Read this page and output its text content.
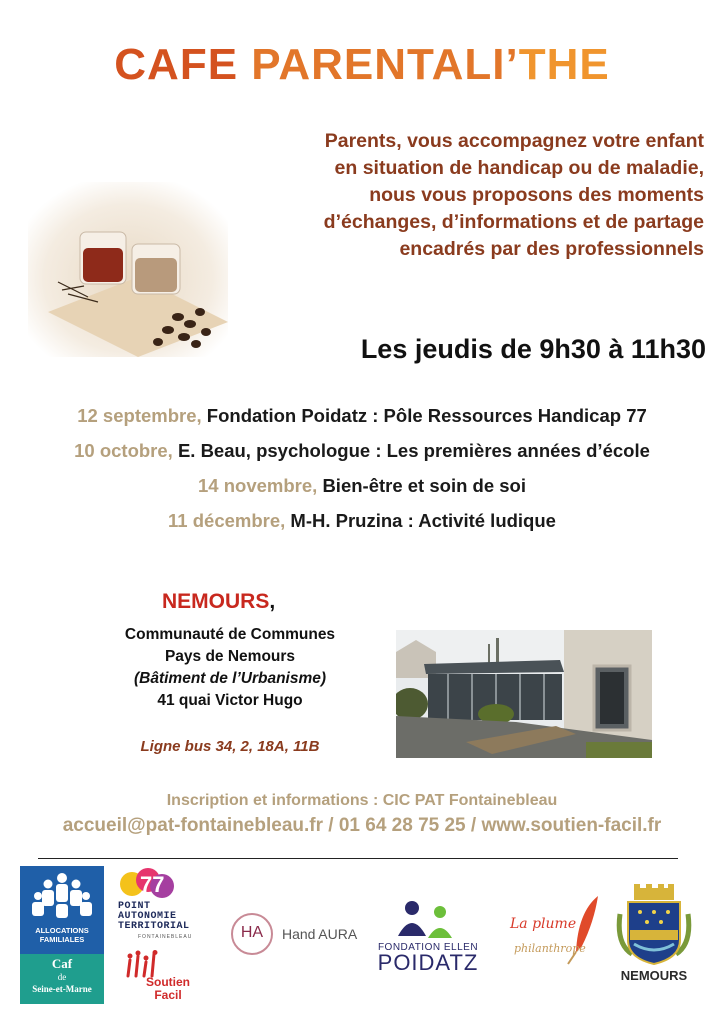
CAFE PARENTALI’THE
Parents, vous accompagnez votre enfant
en situation de handicap ou de maladie,
nous vous proposons des moments
d’échanges, d’informations et de partage
encadrés par des professionnels
Les jeudis de 9h30 à 11h30
12 septembre, Fondation Poidatz : Pôle Ressources Handicap 77
10 octobre, E. Beau, psychologue : Les premières années d’école
14 novembre, Bien-être et soin de soi
11 décembre, M-H. Pruzina : Activité ludique
NEMOURS,
Communauté de Communes
Pays de Nemours
(Bâtiment de l’Urbanisme)
41 quai Victor Hugo
Ligne bus 34, 2, 18A, 11B
Inscription et informations : CIC PAT Fontainebleau
accueil@pat-fontainebleau.fr / 01 64 28 75 25 / www.soutien-facil.fr
ALLOCATIONS
FAMILIALES
Caf
de
Seine-et-Marne
77
POINT
AUTONOMIE
TERRITORIAL
FONTAINEBLEAU
Soutien
Facil
HA	Hand AURA
FONDATION ELLEN
POIDATZ
La plume
philanthrope
NEMOURS
